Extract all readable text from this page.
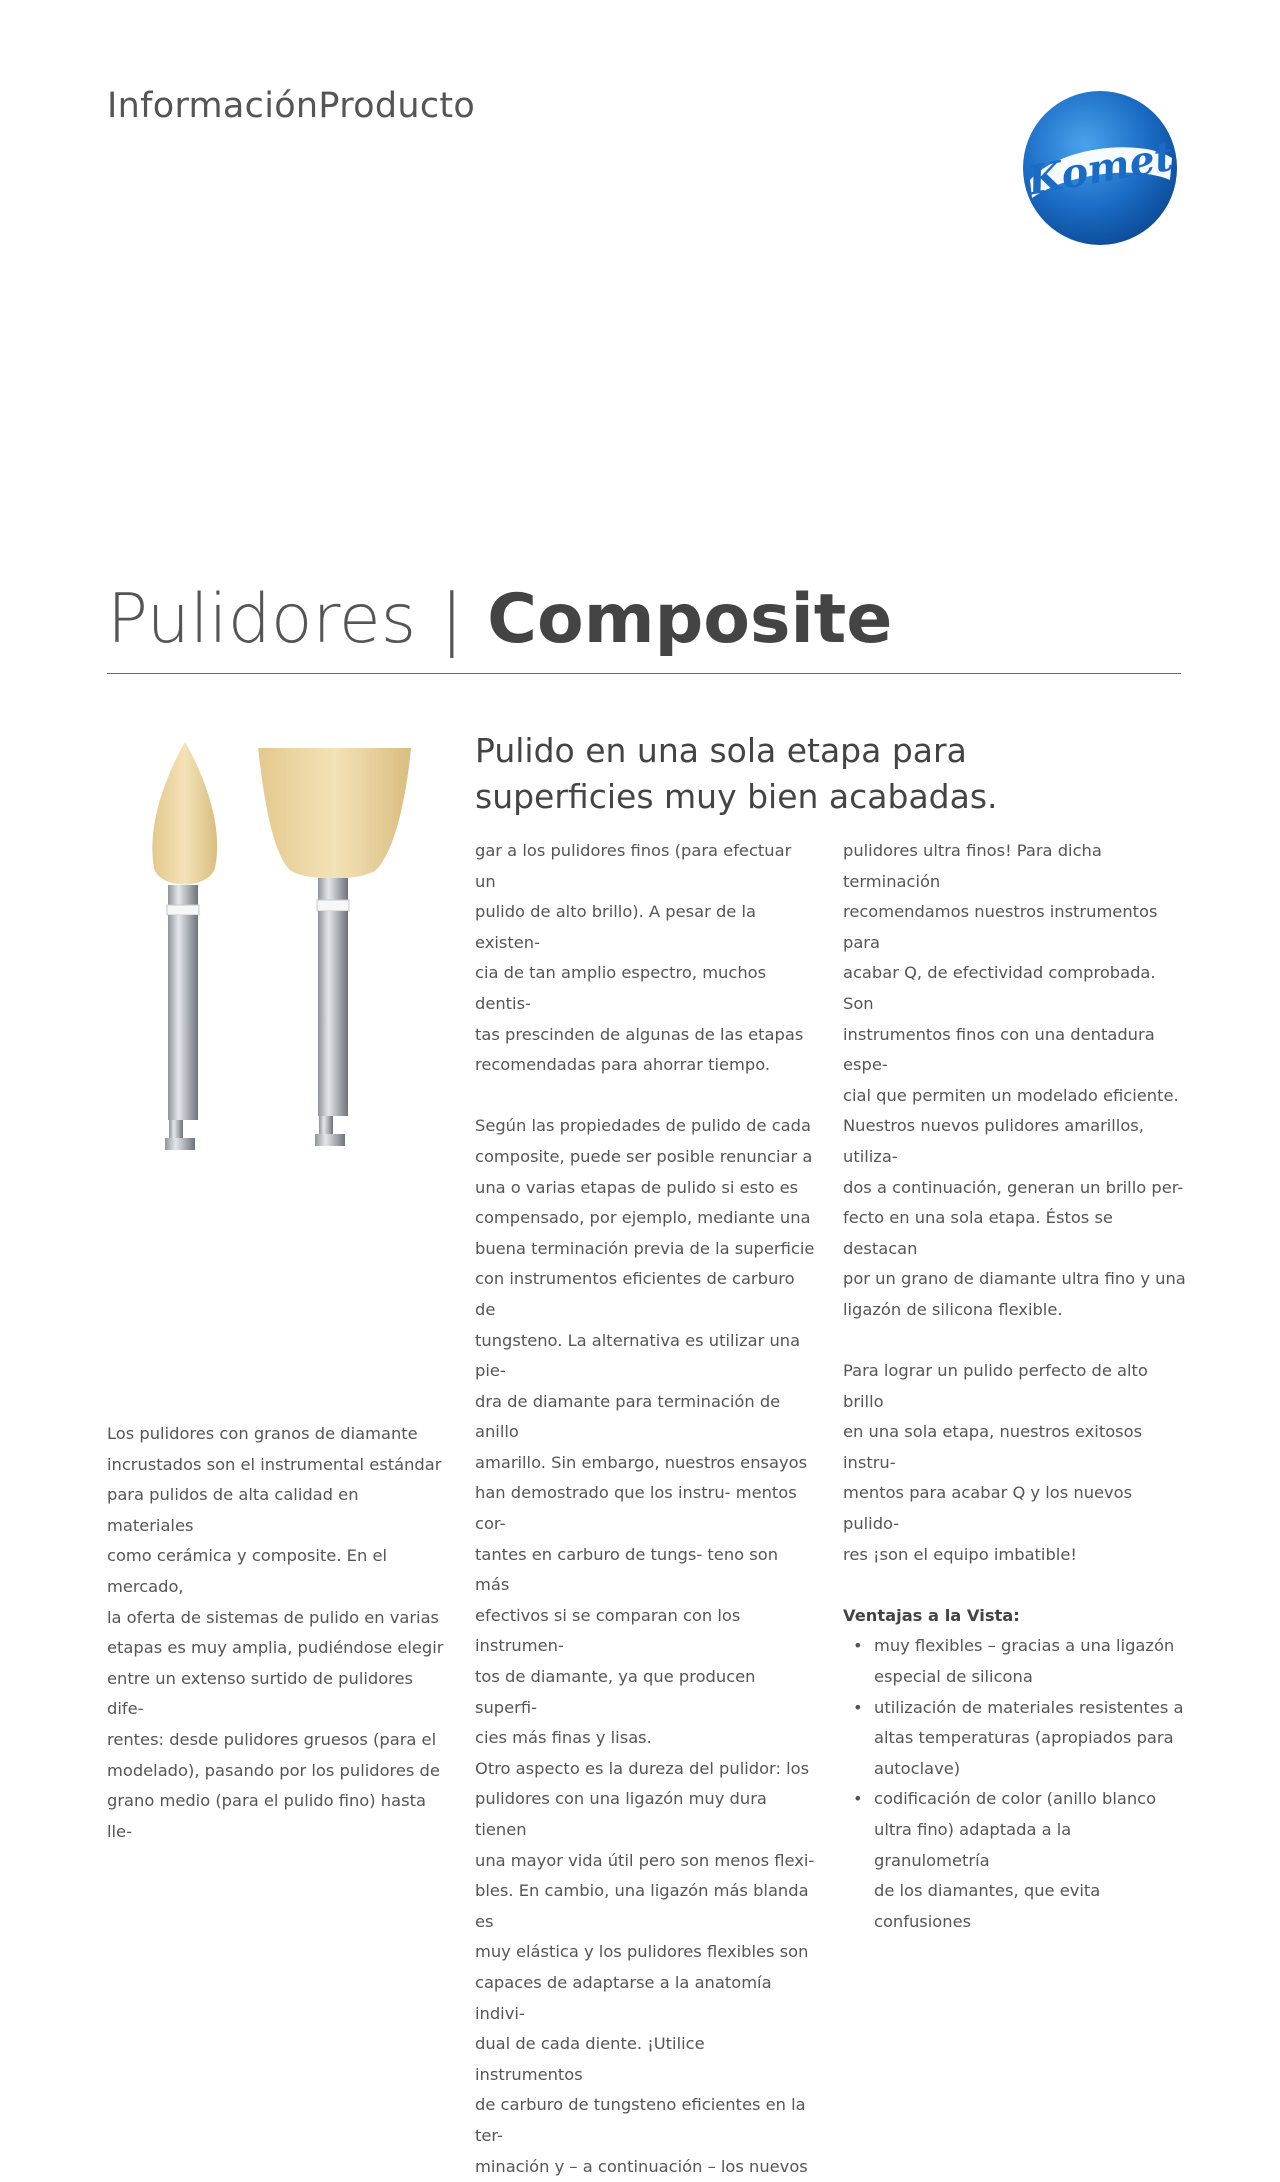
InformaciónProducto
Komet
Pulidores | Composite
Pulido en una sola etapa para
superficies muy bien acabadas.

Los pulidores con granos de diamante

incrustados son el instrumental estándar

para pulidos de alta calidad en materiales

como cerámica y composite. En el mercado,

la oferta de sistemas de pulido en varias

etapas es muy amplia, pudiéndose elegir

entre un extenso surtido de pulidores dife-

rentes: desde pulidores gruesos (para el

modelado), pasando por los pulidores de

grano medio (para el pulido fino) hasta lle-

gar a los pulidores finos (para efectuar un

pulido de alto brillo). A pesar de la existen-

cia de tan amplio espectro, muchos dentis-

tas prescinden de algunas de las etapas

recomendadas para ahorrar tiempo.

Según las propiedades de pulido de cada

composite, puede ser posible renunciar a

una o varias etapas de pulido si esto es

compensado, por ejemplo, mediante una

buena terminación previa de la superficie

con instrumentos eficientes de carburo de

tungsteno. La alternativa es utilizar una pie-

dra de diamante para terminación de anillo

amarillo. Sin embargo, nuestros ensayos

han demostrado que los instru- mentos cor-

tantes en carburo de tungs- teno son más

efectivos si se comparan con los instrumen-

tos de diamante, ya que producen superfi-

cies más finas y lisas.

Otro aspecto es la dureza del pulidor: los

pulidores con una ligazón muy dura tienen

una mayor vida útil pero son menos flexi-

bles. En cambio, una ligazón más blanda es

muy elástica y los pulidores flexibles son

capaces de adaptarse a la anatomía indivi-

dual de cada diente. ¡Utilice instrumentos

de carburo de tungsteno eficientes en la ter-

minación y – a continuación – los nuevos

pulidores ultra finos! Para dicha terminación

recomendamos nuestros instrumentos para

acabar Q, de efectividad comprobada. Son

instrumentos finos con una dentadura espe-

cial que permiten un modelado eficiente.

Nuestros nuevos pulidores amarillos, utiliza-

dos a continuación, generan un brillo per-

fecto en una sola etapa. Éstos se destacan

por un grano de diamante ultra fino y una

ligazón de silicona flexible.

Para lograr un pulido perfecto de alto brillo

en una sola etapa, nuestros exitosos instru-

mentos para acabar Q y los nuevos pulido-

res ¡son el equipo imbatible!

Ventajas a la Vista:

• muy flexibles – gracias a una ligazón
especial de silicona
• utilización de materiales resistentes a
altas temperaturas (apropiados para
autoclave)
• codificación de color (anillo blanco
ultra fino) adaptada a la granulometría
de los diamantes, que evita confusiones
